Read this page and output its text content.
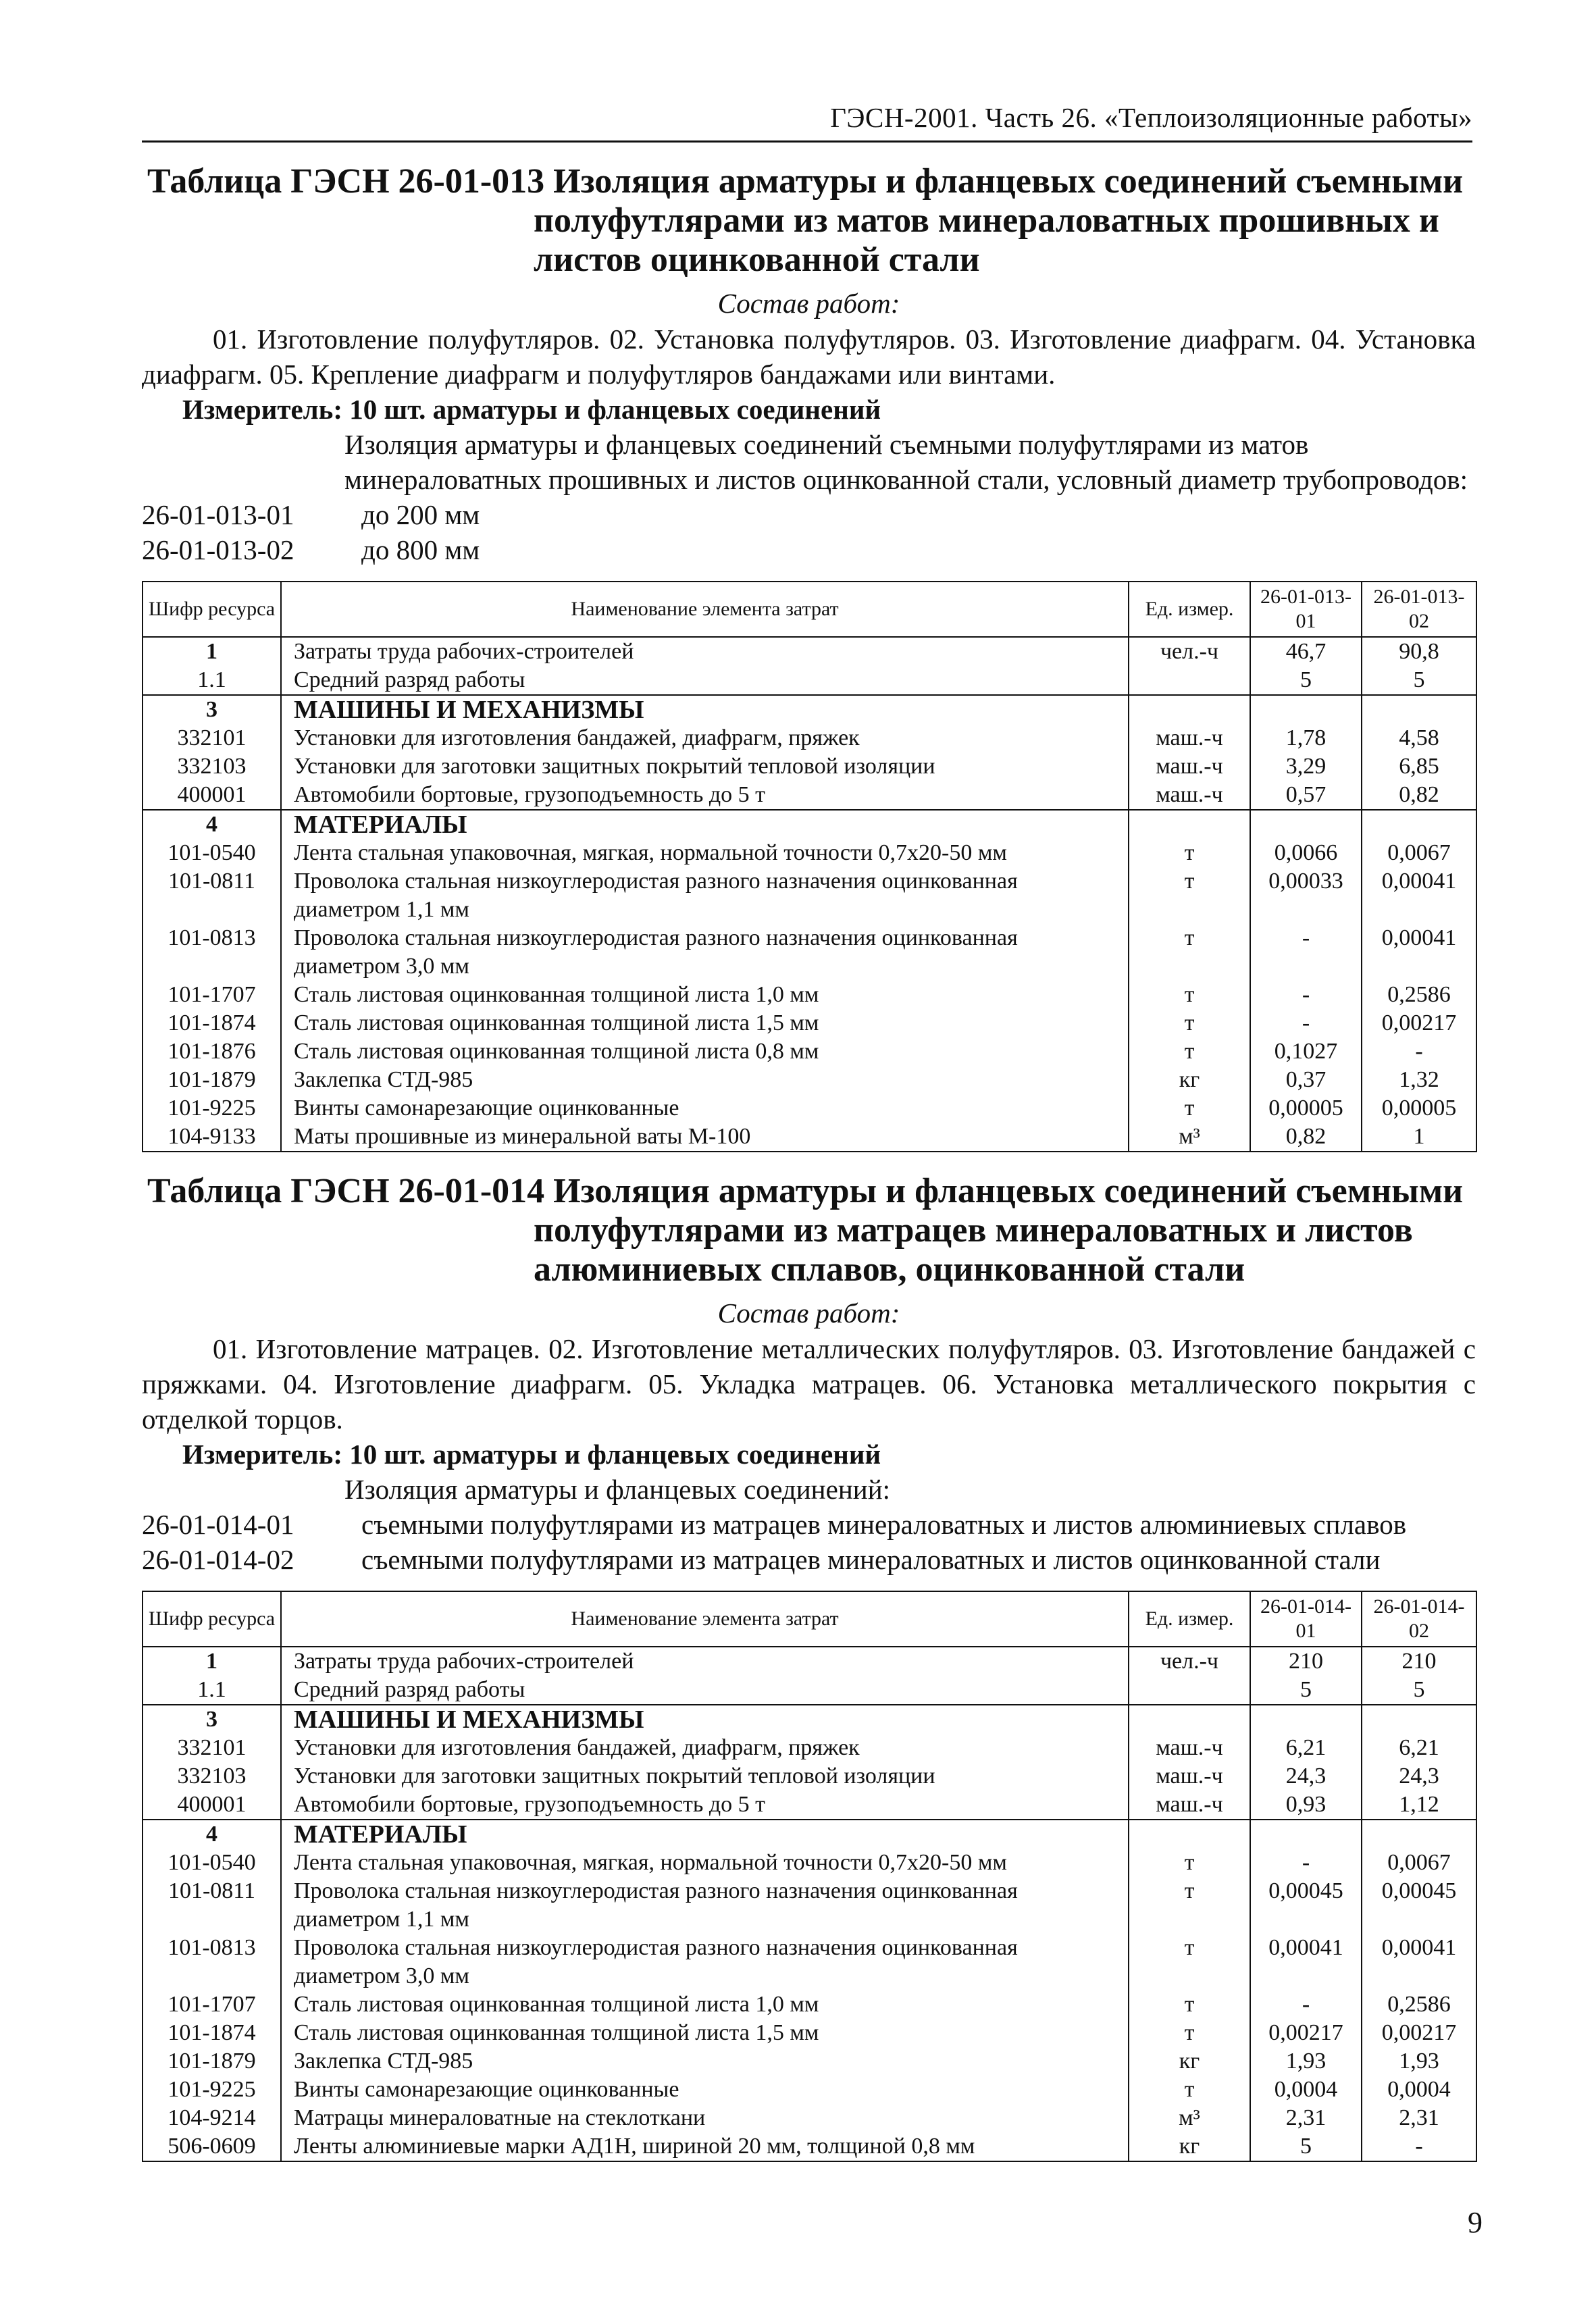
ГЭСН-2001. Часть 26. «Теплоизоляционные работы»
Таблица ГЭСН 26-01-013 Изоляция арматуры и фланцевых соединений съемными
полуфутлярами из матов минераловатных прошивных и
листов оцинкованной стали
Состав работ:
01. Изготовление полуфутляров. 02. Установка полуфутляров. 03. Изготовление диафрагм. 04. Установка диафрагм. 05. Крепление диафрагм и полуфутляров бандажами или винтами.
Измеритель: 10 шт. арматуры и фланцевых соединений
Изоляция арматуры и фланцевых соединений съемными полуфутлярами из матов минераловатных прошивных и листов оцинкованной стали, условный диаметр трубопроводов:
26-01-013-01	до 200 мм
26-01-013-02	до 800 мм
Шифр ресурса	Наименование элемента затрат	Ед. измер.	26-01-013-01	26-01-013-02
1	Затраты труда рабочих-строителей	чел.-ч	46,7	90,8
1.1	Средний разряд работы		5	5
3	МАШИНЫ И МЕХАНИЗМЫ			
332101	Установки для изготовления бандажей, диафрагм, пряжек	маш.-ч	1,78	4,58
332103	Установки для заготовки защитных покрытий тепловой изоляции	маш.-ч	3,29	6,85
400001	Автомобили бортовые, грузоподъемность до 5 т	маш.-ч	0,57	0,82
4	МАТЕРИАЛЫ			
101-0540	Лента стальная упаковочная, мягкая, нормальной точности 0,7х20-50 мм	т	0,0066	0,0067
101-0811	Проволока стальная низкоуглеродистая разного назначения оцинкованная диаметром 1,1 мм	т	0,00033	0,00041
101-0813	Проволока стальная низкоуглеродистая разного назначения оцинкованная диаметром 3,0 мм	т	-	0,00041
101-1707	Сталь листовая оцинкованная толщиной листа 1,0 мм	т	-	0,2586
101-1874	Сталь листовая оцинкованная толщиной листа 1,5 мм	т	-	0,00217
101-1876	Сталь листовая оцинкованная толщиной листа 0,8 мм	т	0,1027	-
101-1879	Заклепка СТД-985	кг	0,37	1,32
101-9225	Винты самонарезающие оцинкованные	т	0,00005	0,00005
104-9133	Маты прошивные из минеральной ваты М-100	м³	0,82	1
Таблица ГЭСН 26-01-014 Изоляция арматуры и фланцевых соединений съемными
полуфутлярами из матрацев минераловатных и листов
алюминиевых сплавов, оцинкованной стали
Состав работ:
01. Изготовление матрацев. 02. Изготовление металлических полуфутляров. 03. Изготовление бандажей с пряжками. 04. Изготовление диафрагм. 05. Укладка матрацев. 06. Установка металлического покрытия с отделкой торцов.
Измеритель: 10 шт. арматуры и фланцевых соединений
Изоляция арматуры и фланцевых соединений:
26-01-014-01	съемными полуфутлярами из матрацев минераловатных и листов алюминиевых сплавов
26-01-014-02	съемными полуфутлярами из матрацев минераловатных и листов оцинкованной стали
Шифр ресурса	Наименование элемента затрат	Ед. измер.	26-01-014-01	26-01-014-02
1	Затраты труда рабочих-строителей	чел.-ч	210	210
1.1	Средний разряд работы		5	5
3	МАШИНЫ И МЕХАНИЗМЫ			
332101	Установки для изготовления бандажей, диафрагм, пряжек	маш.-ч	6,21	6,21
332103	Установки для заготовки защитных покрытий тепловой изоляции	маш.-ч	24,3	24,3
400001	Автомобили бортовые, грузоподъемность до 5 т	маш.-ч	0,93	1,12
4	МАТЕРИАЛЫ			
101-0540	Лента стальная упаковочная, мягкая, нормальной точности 0,7х20-50 мм	т	-	0,0067
101-0811	Проволока стальная низкоуглеродистая разного назначения оцинкованная диаметром 1,1 мм	т	0,00045	0,00045
101-0813	Проволока стальная низкоуглеродистая разного назначения оцинкованная диаметром 3,0 мм	т	0,00041	0,00041
101-1707	Сталь листовая оцинкованная толщиной листа 1,0 мм	т	-	0,2586
101-1874	Сталь листовая оцинкованная толщиной листа 1,5 мм	т	0,00217	0,00217
101-1879	Заклепка СТД-985	кг	1,93	1,93
101-9225	Винты самонарезающие оцинкованные	т	0,0004	0,0004
104-9214	Матрацы минераловатные на стеклоткани	м³	2,31	2,31
506-0609	Ленты алюминиевые марки АД1Н, шириной 20 мм, толщиной 0,8 мм	кг	5	-
9
